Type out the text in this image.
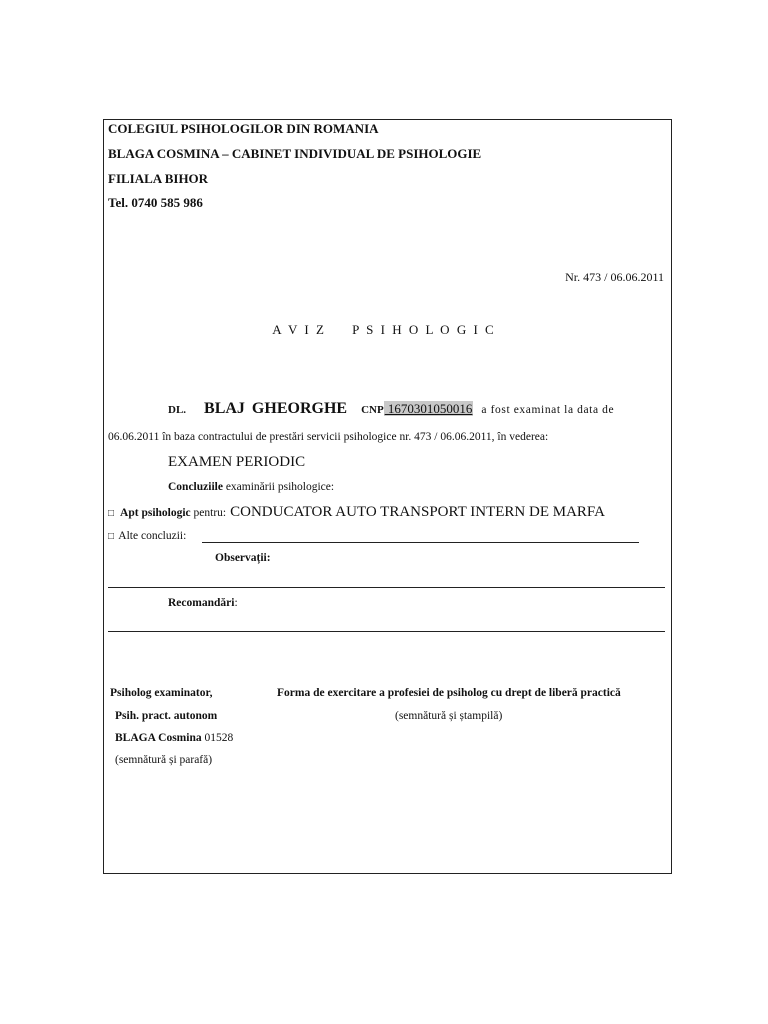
COLEGIUL PSIHOLOGILOR DIN ROMANIA
BLAGA COSMINA – CABINET INDIVIDUAL DE PSIHOLOGIE
FILIALA BIHOR
Tel. 0740 585 986
Nr. 473 / 06.06.2011
A V I Z     P S I H O L O G I C
DL. BLAJ GHEORGHE CNP 1670301050016 a fost examinat la data de
06.06.2011 în baza contractului de prestări servicii psihologice nr. 473 / 06.06.2011, în vederea:
EXAMEN PERIODIC
Concluziile examinării psihologice:
□ Apt psihologic pentru: CONDUCATOR AUTO TRANSPORT INTERN DE MARFA
□ Alte concluzii:
Observații:
Recomandări:
Psiholog examinator,
Psih. pract. autonom
BLAGA Cosmina 01528
(semnătură și parafă)
Forma de exercitare a profesiei de psiholog cu drept de liberă practică
(semnătură și ștampilă)
